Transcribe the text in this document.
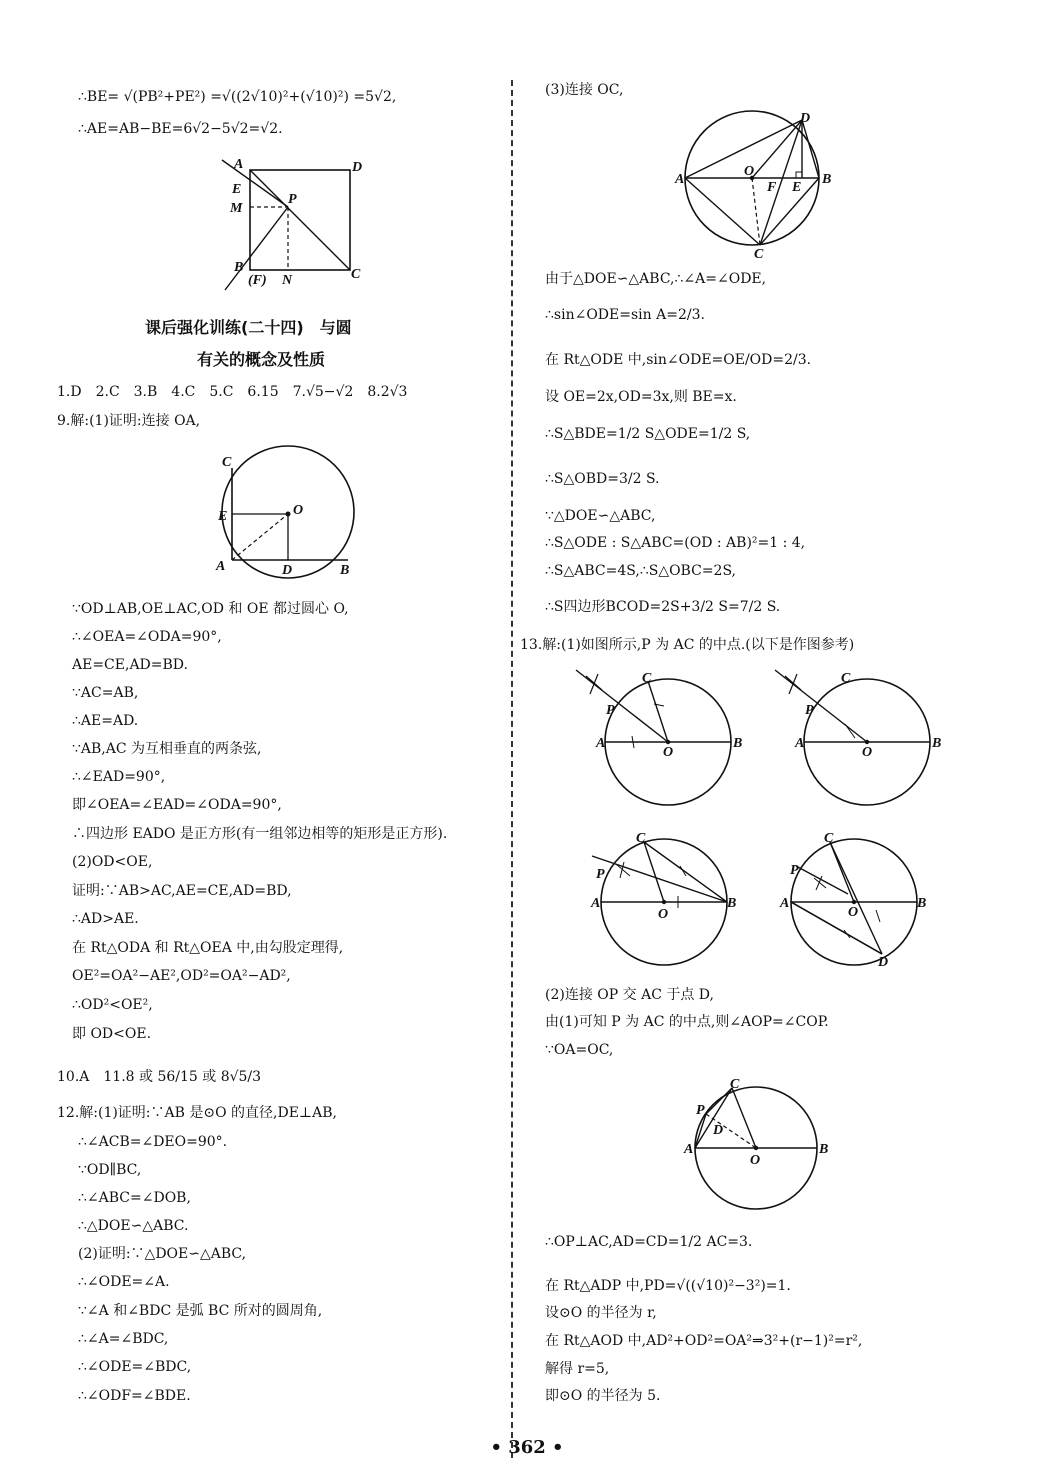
∴BE= √(PB²+PE²) =√((2√10)²+(√10)²) =5√2,
∴AE=AB−BE=6√2−5√2=√2.
A	D
E
M
P
B
(F) N	C
课后强化训练(二十四)　与圆
有关的概念及性质
1.D　2.C　3.B　4.C　5.C　6.15　7.√5−√2　8.2√3
9.解:(1)证明:连接 OA,
C
E	O
A	D	B
∵OD⊥AB,OE⊥AC,OD 和 OE 都过圆心 O,
∴∠OEA=∠ODA=90°,
AE=CE,AD=BD.
∵AC=AB,
∴AE=AD.
∵AB,AC 为互相垂直的两条弦,
∴∠EAD=90°,
即∠OEA=∠EAD=∠ODA=90°,
∴四边形 EADO 是正方形(有一组邻边相等的矩形是正方形).
(2)OD<OE,
证明:∵AB>AC,AE=CE,AD=BD,
∴AD>AE.
在 Rt△ODA 和 Rt△OEA 中,由勾股定理得,
OE²=OA²−AE²,OD²=OA²−AD²,
∴OD²<OE²,
即 OD<OE.
10.A　11.8 或 56/15 或 8√5/3
12.解:(1)证明:∵AB 是⊙O 的直径,DE⊥AB,
∴∠ACB=∠DEO=90°.
∵OD∥BC,
∴∠ABC=∠DOB,
∴△DOE∽△ABC.
(2)证明:∵△DOE∽△ABC,
∴∠ODE=∠A.
∵∠A 和∠BDC 是弧 BC 所对的圆周角,
∴∠A=∠BDC,
∴∠ODE=∠BDC,
∴∠ODF=∠BDE.
(3)连接 OC,
D
A
O
F E
B
C
由于△DOE∽△ABC,∴∠A=∠ODE,
∴sin∠ODE=sin A=2/3.
在 Rt△ODE 中,sin∠ODE=OE/OD=2/3.
设 OE=2x,OD=3x,则 BE=x.
∴S△BDE=1/2 S△ODE=1/2 S,
∴S△OBD=3/2 S.
∵△DOE∽△ABC,
∴S△ODE : S△ABC=(OD : AB)²=1 : 4,
∴S△ABC=4S,∴S△OBC=2S,
∴S四边形BCOD=2S+3/2 S=7/2 S.
13.解:(1)如图所示,P 为 AC 的中点.(以下是作图参考)
C
P
A
O
B
C
P
A
O
B
C
P
A
O
B
C
P
A
O
B
D
(2)连接 OP 交 AC 于点 D,
由(1)可知 P 为 AC 的中点,则∠AOP=∠COP.
∵OA=OC,
C
P
D
A
O
B
∴OP⊥AC,AD=CD=1/2 AC=3.
在 Rt△ADP 中,PD=√((√10)²−3²)=1.
设⊙O 的半径为 r,
在 Rt△AOD 中,AD²+OD²=OA²⇒3²+(r−1)²=r²,
解得 r=5,
即⊙O 的半径为 5.
• 362 •
